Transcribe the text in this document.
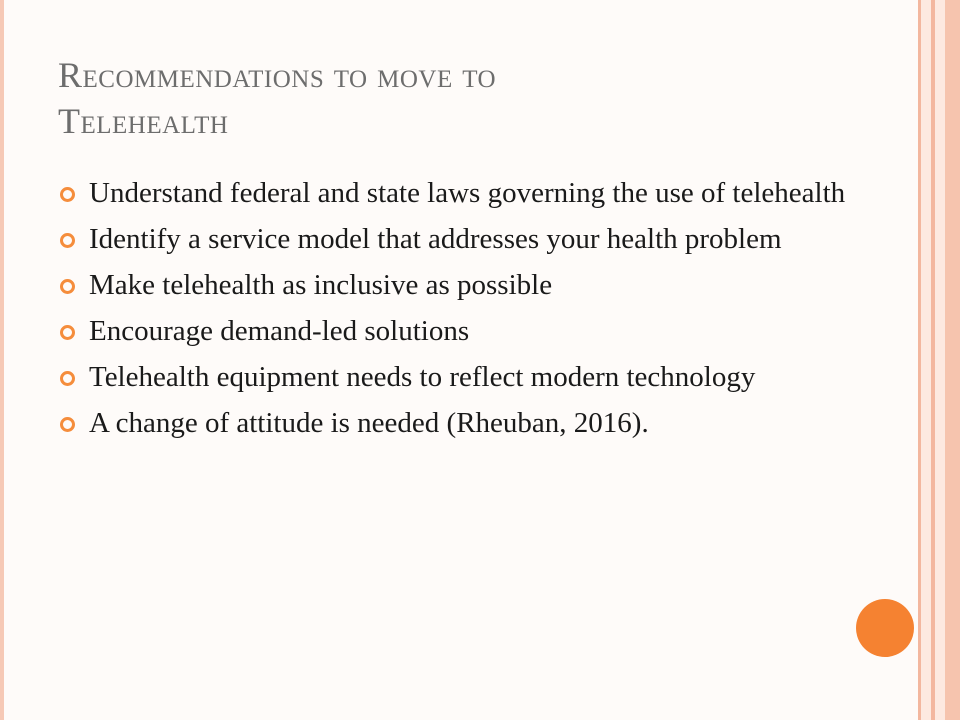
Recommendations to move to
Telehealth
Understand federal and state laws governing the use of telehealth
Identify a service model that addresses your health problem
Make telehealth as inclusive as possible
Encourage demand-led solutions
Telehealth equipment needs to reflect modern technology
A change of attitude is needed (Rheuban, 2016).
